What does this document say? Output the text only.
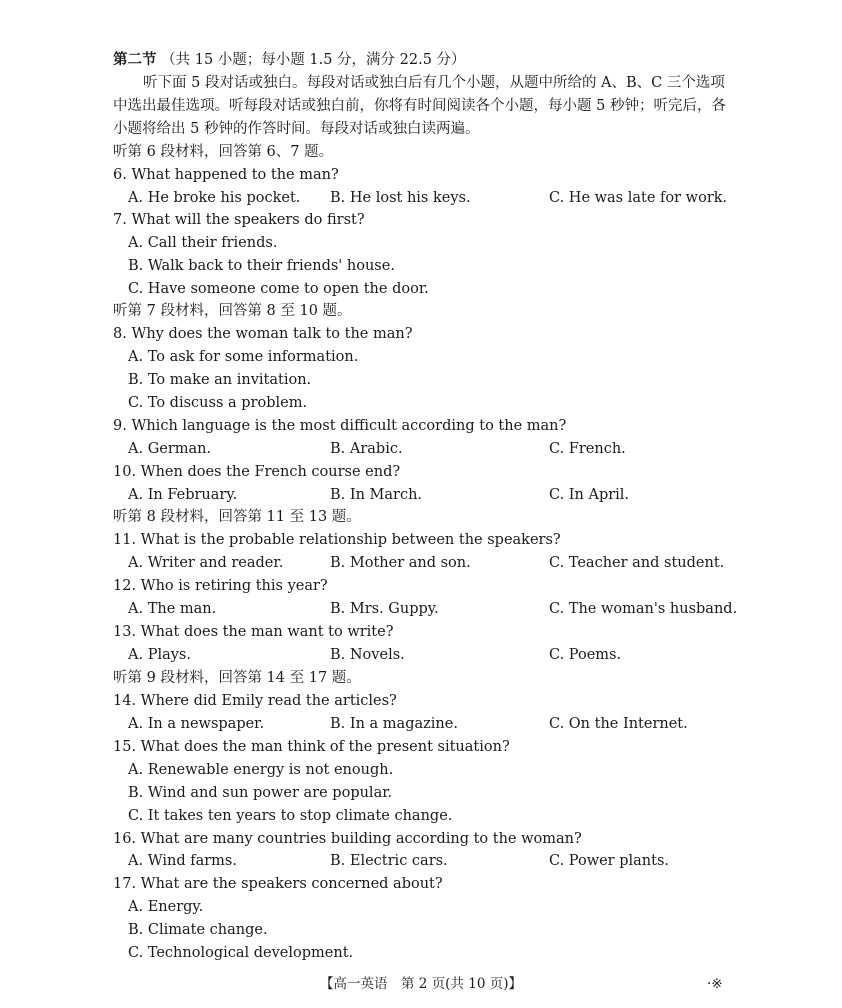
第二节 （共 15 小题；每小题 1.5 分，满分 22.5 分）
听下面 5 段对话或独白。每段对话或独白后有几个小题，从题中所给的 A、B、C 三个选项
中选出最佳选项。听每段对话或独白前，你将有时间阅读各个小题，每小题 5 秒钟；听完后，各
小题将给出 5 秒钟的作答时间。每段对话或独白读两遍。
听第 6 段材料，回答第 6、7 题。
6. What happened to the man?
A. He broke his pocket. B. He lost his keys.	C. He was late for work.
7. What will the speakers do first?
A. Call their friends.
B. Walk back to their friends' house.
C. Have someone come to open the door.
听第 7 段材料，回答第 8 至 10 题。
8. Why does the woman talk to the man?
A. To ask for some information.
B. To make an invitation.
C. To discuss a problem.
9. Which language is the most difficult according to the man?
A. German.	B. Arabic.	C. French.
10. When does the French course end?
A. In February.	B. In March.	C. In April.
听第 8 段材料，回答第 11 至 13 题。
11. What is the probable relationship between the speakers?
A. Writer and reader.	B. Mother and son.	C. Teacher and student.
12. Who is retiring this year?
A. The man.	B. Mrs. Guppy.	C. The woman's husband.
13. What does the man want to write?
A. Plays.	B. Novels.	C. Poems.
听第 9 段材料，回答第 14 至 17 题。
14. Where did Emily read the articles?
A. In a newspaper.	B. In a magazine.	C. On the Internet.
15. What does the man think of the present situation?
A. Renewable energy is not enough.
B. Wind and sun power are popular.
C. It takes ten years to stop climate change.
16. What are many countries building according to the woman?
A. Wind farms.	B. Electric cars.	C. Power plants.
17. What are the speakers concerned about?
A. Energy.
B. Climate change.
C. Technological development.
【高一英语　第 2 页(共 10 页)】	·※
